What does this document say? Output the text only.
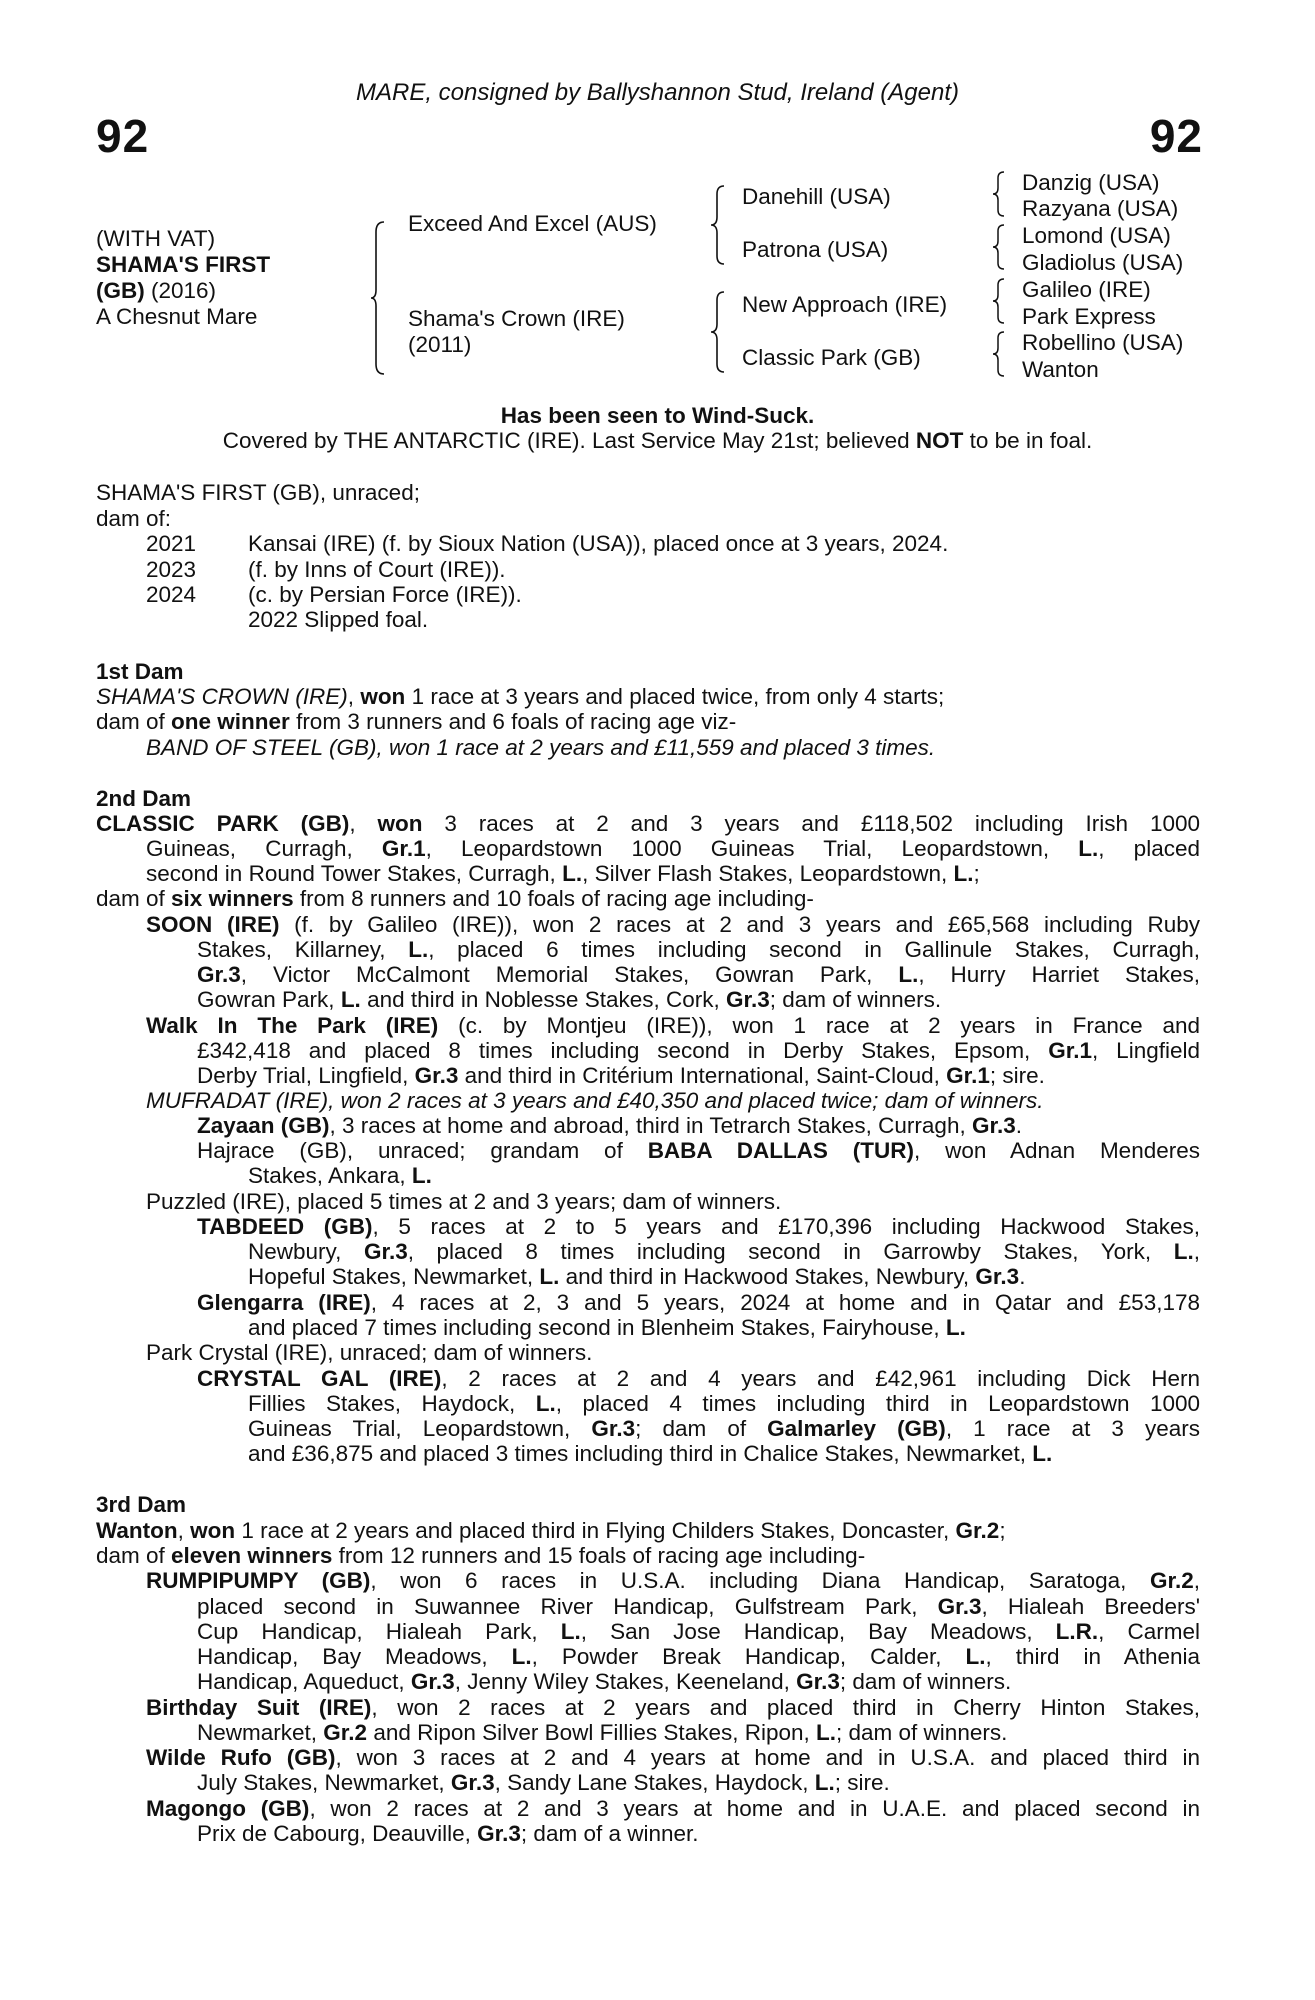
MARE, consigned by Ballyshannon Stud, Ireland (Agent)
92	92
(WITH VAT)
SHAMA'S FIRST
(GB) (2016)
A Chesnut Mare
Exceed And Excel (AUS)
Shama's Crown (IRE)
(2011)
Danehill (USA)
Patrona (USA)
New Approach (IRE)
Classic Park (GB)
Danzig (USA)
Razyana (USA)
Lomond (USA)
Gladiolus (USA)
Galileo (IRE)
Park Express
Robellino (USA)
Wanton
Has been seen to Wind-Suck.
Covered by THE ANTARCTIC (IRE). Last Service May 21st; believed NOT to be in foal.
SHAMA'S FIRST (GB), unraced;
dam of:
2021 Kansai (IRE) (f. by Sioux Nation (USA)), placed once at 3 years, 2024.
2023 (f. by Inns of Court (IRE)).
2024 (c. by Persian Force (IRE)).
2022 Slipped foal.
1st Dam
SHAMA'S CROWN (IRE), won 1 race at 3 years and placed twice, from only 4 starts;
dam of one winner from 3 runners and 6 foals of racing age viz-
BAND OF STEEL (GB), won 1 race at 2 years and £11,559 and placed 3 times.
2nd Dam
CLASSIC PARK (GB), won 3 races at 2 and 3 years and £118,502 including Irish 1000
Guineas, Curragh, Gr.1, Leopardstown 1000 Guineas Trial, Leopardstown, L., placed
second in Round Tower Stakes, Curragh, L., Silver Flash Stakes, Leopardstown, L.;
dam of six winners from 8 runners and 10 foals of racing age including-
SOON (IRE) (f. by Galileo (IRE)), won 2 races at 2 and 3 years and £65,568 including Ruby
Stakes, Killarney, L., placed 6 times including second in Gallinule Stakes, Curragh,
Gr.3, Victor McCalmont Memorial Stakes, Gowran Park, L., Hurry Harriet Stakes,
Gowran Park, L. and third in Noblesse Stakes, Cork, Gr.3; dam of winners.
Walk In The Park (IRE) (c. by Montjeu (IRE)), won 1 race at 2 years in France and
£342,418 and placed 8 times including second in Derby Stakes, Epsom, Gr.1, Lingfield
Derby Trial, Lingfield, Gr.3 and third in Critérium International, Saint-Cloud, Gr.1; sire.
MUFRADAT (IRE), won 2 races at 3 years and £40,350 and placed twice; dam of winners.
Zayaan (GB), 3 races at home and abroad, third in Tetrarch Stakes, Curragh, Gr.3.
Hajrace (GB), unraced; grandam of BABA DALLAS (TUR), won Adnan Menderes
Stakes, Ankara, L.
Puzzled (IRE), placed 5 times at 2 and 3 years; dam of winners.
TABDEED (GB), 5 races at 2 to 5 years and £170,396 including Hackwood Stakes,
Newbury, Gr.3, placed 8 times including second in Garrowby Stakes, York, L.,
Hopeful Stakes, Newmarket, L. and third in Hackwood Stakes, Newbury, Gr.3.
Glengarra (IRE), 4 races at 2, 3 and 5 years, 2024 at home and in Qatar and £53,178
and placed 7 times including second in Blenheim Stakes, Fairyhouse, L.
Park Crystal (IRE), unraced; dam of winners.
CRYSTAL GAL (IRE), 2 races at 2 and 4 years and £42,961 including Dick Hern
Fillies Stakes, Haydock, L., placed 4 times including third in Leopardstown 1000
Guineas Trial, Leopardstown, Gr.3; dam of Galmarley (GB), 1 race at 3 years
and £36,875 and placed 3 times including third in Chalice Stakes, Newmarket, L.
3rd Dam
Wanton, won 1 race at 2 years and placed third in Flying Childers Stakes, Doncaster, Gr.2;
dam of eleven winners from 12 runners and 15 foals of racing age including-
RUMPIPUMPY (GB), won 6 races in U.S.A. including Diana Handicap, Saratoga, Gr.2,
placed second in Suwannee River Handicap, Gulfstream Park, Gr.3, Hialeah Breeders'
Cup Handicap, Hialeah Park, L., San Jose Handicap, Bay Meadows, L.R., Carmel
Handicap, Bay Meadows, L., Powder Break Handicap, Calder, L., third in Athenia
Handicap, Aqueduct, Gr.3, Jenny Wiley Stakes, Keeneland, Gr.3; dam of winners.
Birthday Suit (IRE), won 2 races at 2 years and placed third in Cherry Hinton Stakes,
Newmarket, Gr.2 and Ripon Silver Bowl Fillies Stakes, Ripon, L.; dam of winners.
Wilde Rufo (GB), won 3 races at 2 and 4 years at home and in U.S.A. and placed third in
July Stakes, Newmarket, Gr.3, Sandy Lane Stakes, Haydock, L.; sire.
Magongo (GB), won 2 races at 2 and 3 years at home and in U.A.E. and placed second in
Prix de Cabourg, Deauville, Gr.3; dam of a winner.
